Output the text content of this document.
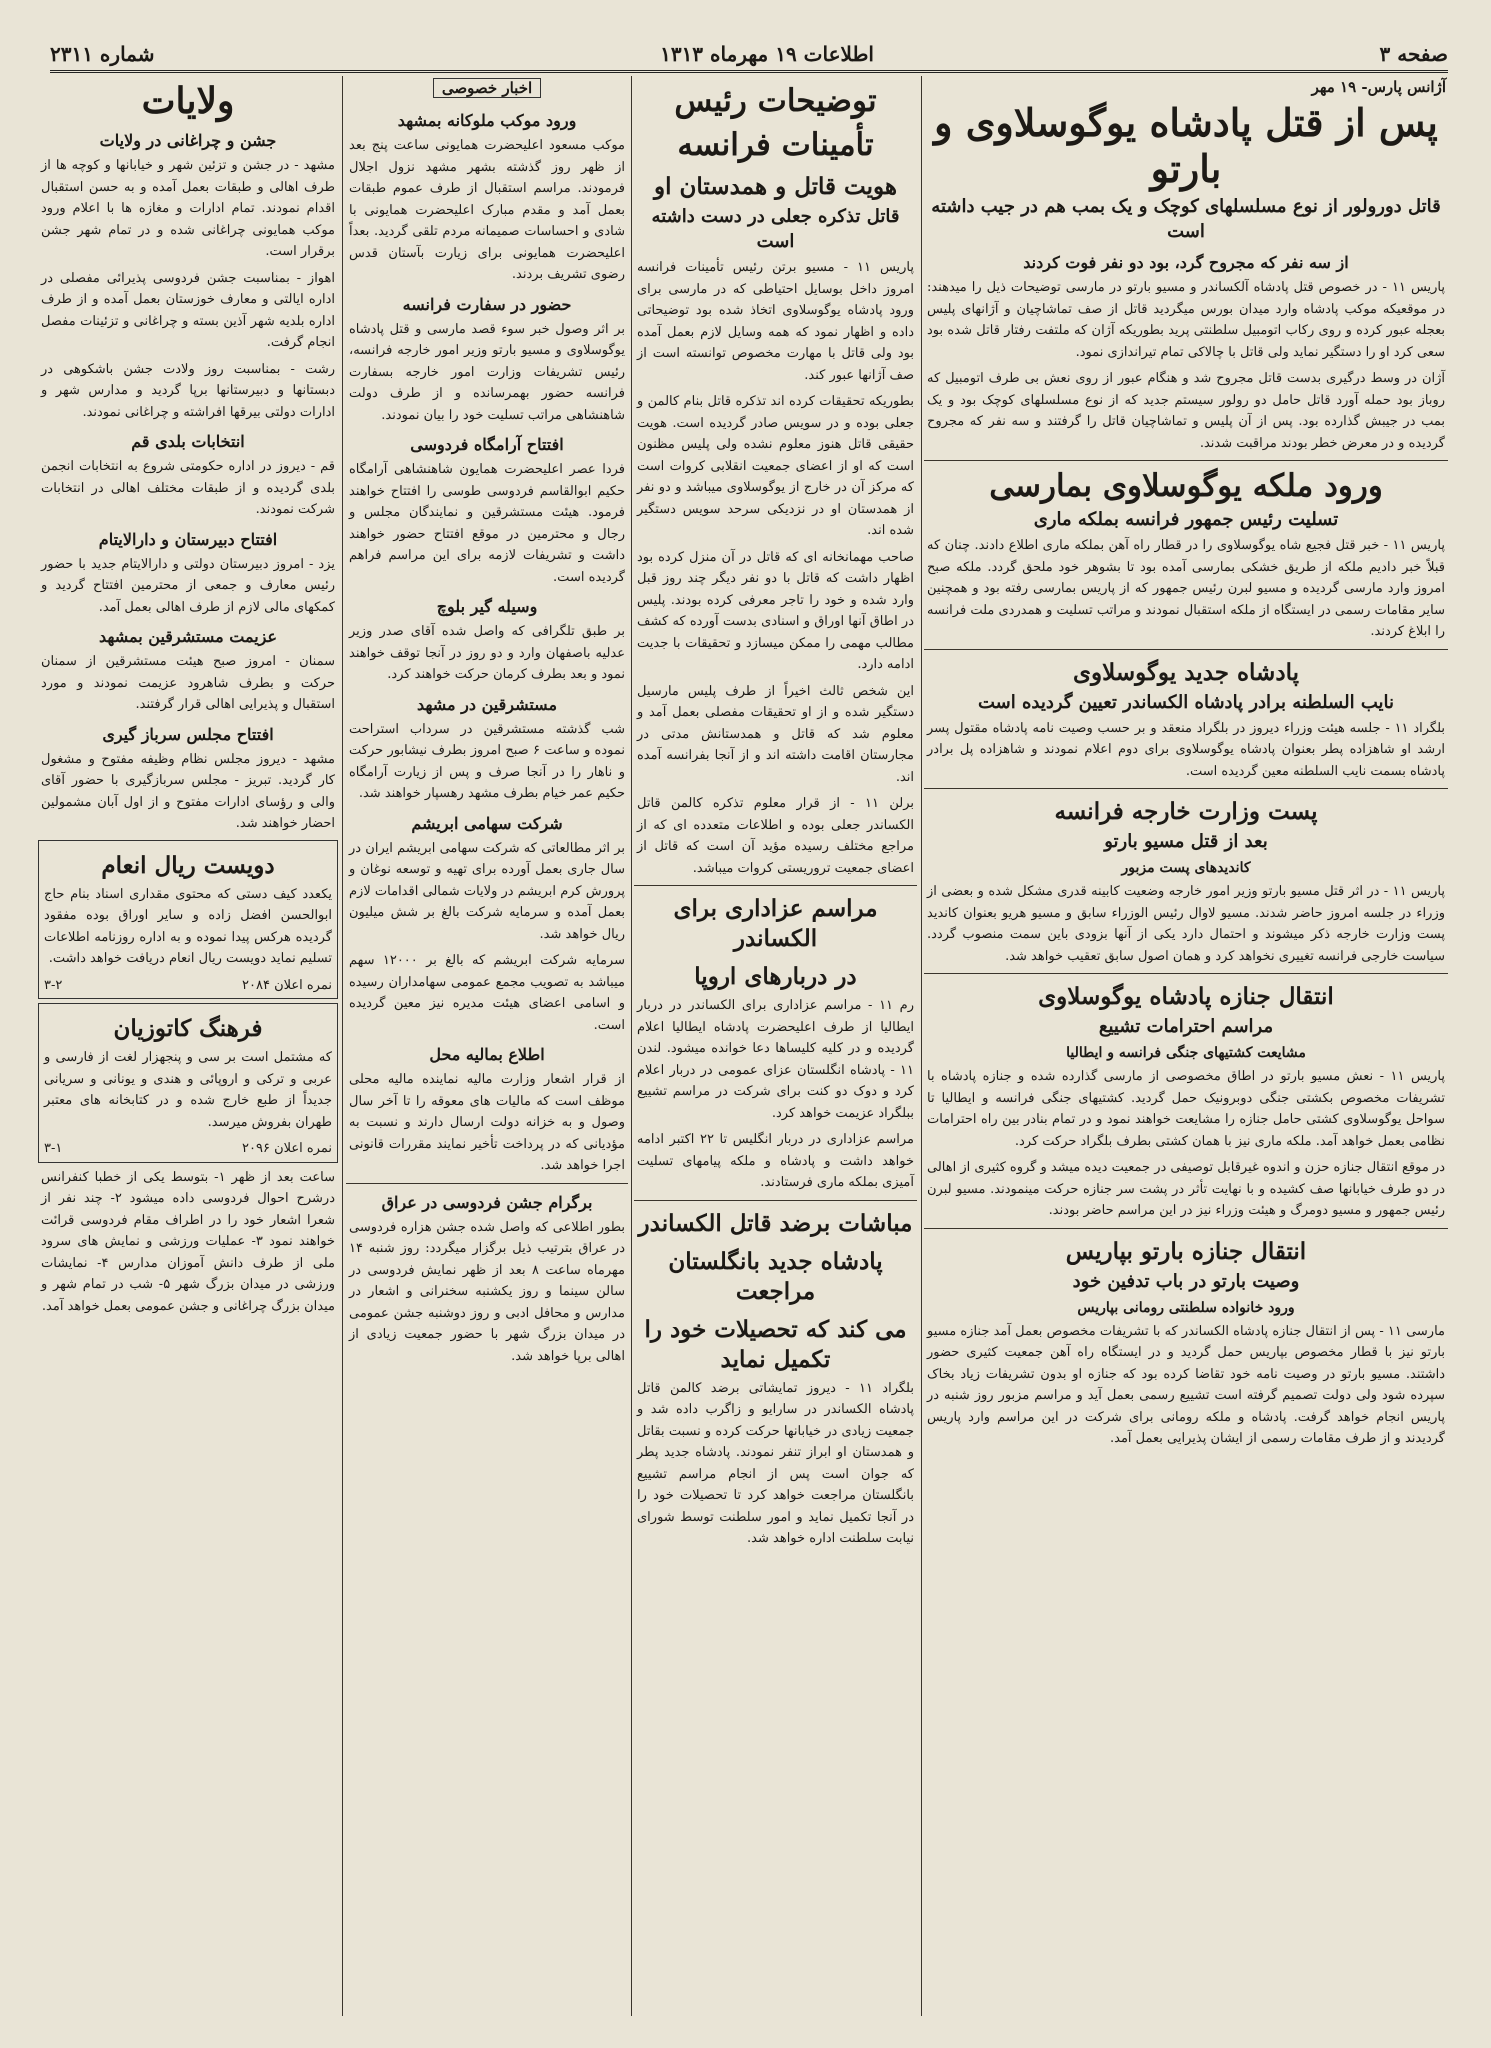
صفحه ۳
اطلاعات ۱۹ مهرماه ۱۳۱۳
شماره ۲۳۱۱
آژانس پارس- ۱۹ مهر
پس از قتل پادشاه یوگوسلاوی و بارتو
قاتل دورولور از نوع مسلسلهای کوچک و یک بمب هم در جیب داشته است
از سه نفر که مجروح گرد، بود دو نفر فوت کردند

پاریس ۱۱ - در خصوص قتل پادشاه آلکساندر و مسیو بارتو در مارسی توضیحات ذیل را میدهند: در موقعیکه موکب پادشاه وارد میدان بورس میگردید قاتل از صف تماشاچیان و آژانهای پلیس بعجله عبور کرده و روی رکاب اتومبیل سلطنتی پرید بطوریکه آژان که ملتفت رفتار قاتل شده بود سعی کرد او را دستگیر نماید ولی قاتل با چالاکی تمام تیراندازی نمود.

آژان در وسط درگیری بدست قاتل مجروح شد و هنگام عبور از روی نعش بی طرف اتومبیل که روباز بود حمله آورد قاتل حامل دو رولور سیستم جدید که از نوع مسلسلهای کوچک بود و یک بمب در جیبش گذارده بود. پس از آن پلیس و تماشاچیان قاتل را گرفتند و سه نفر که مجروح گردیده و در معرض خطر بودند مراقبت شدند.

ورود ملکه یوگوسلاوی بمارسی
تسلیت رئیس جمهور فرانسه بملکه ماری

پاریس ۱۱ - خبر قتل فجیع شاه یوگوسلاوی را در قطار راه آهن بملکه ماری اطلاع دادند. چنان که قبلاً خبر دادیم ملکه از طریق خشکی بمارسی آمده بود تا بشوهر خود ملحق گردد. ملکه صبح امروز وارد مارسی گردیده و مسیو لبرن رئیس جمهور که از پاریس بمارسی رفته بود و همچنین سایر مقامات رسمی در ایستگاه از ملکه استقبال نمودند و مراتب تسلیت و همدردی ملت فرانسه را ابلاغ کردند.

پادشاه جدید یوگوسلاوی
نایب السلطنه برادر پادشاه الکساندر تعیین گردیده است

بلگراد ۱۱ - جلسه هیئت وزراء دیروز در بلگراد منعقد و بر حسب وصیت نامه پادشاه مقتول پسر ارشد او شاهزاده پطر بعنوان پادشاه یوگوسلاوی برای دوم اعلام نمودند و شاهزاده پل برادر پادشاه بسمت نایب السلطنه معین گردیده است.

پست وزارت خارجه فرانسه
بعد از قتل مسیو بارتو
کاندیدهای پست مزبور

پاریس ۱۱ - در اثر قتل مسیو بارتو وزیر امور خارجه وضعیت کابینه قدری مشکل شده و بعضی از وزراء در جلسه امروز حاضر شدند. مسیو لاوال رئیس الوزراء سابق و مسیو هریو بعنوان کاندید پست وزارت خارجه ذکر میشوند و احتمال دارد یکی از آنها بزودی باین سمت منصوب گردد. سیاست خارجی فرانسه تغییری نخواهد کرد و همان اصول سابق تعقیب خواهد شد.

انتقال جنازه پادشاه یوگوسلاوی
مراسم احترامات تشییع
مشایعت کشتیهای جنگی فرانسه و ایطالیا

پاریس ۱۱ - نعش مسیو بارتو در اطاق مخصوصی از مارسی گذارده شده و جنازه پادشاه با تشریفات مخصوص بکشتی جنگی دوبرونیک حمل گردید. کشتیهای جنگی فرانسه و ایطالیا تا سواحل یوگوسلاوی کشتی حامل جنازه را مشایعت خواهند نمود و در تمام بنادر بین راه احترامات نظامی بعمل خواهد آمد. ملکه ماری نیز با همان کشتی بطرف بلگراد حرکت کرد.

در موقع انتقال جنازه حزن و اندوه غیرقابل توصیفی در جمعیت دیده میشد و گروه کثیری از اهالی در دو طرف خیابانها صف کشیده و با نهایت تأثر در پشت سر جنازه حرکت مینمودند. مسیو لبرن رئیس جمهور و مسیو دومرگ و هیئت وزراء نیز در این مراسم حاضر بودند.

انتقال جنازه بارتو بپاریس
وصیت بارتو در باب تدفین خود
ورود خانواده سلطنتی رومانی بپاریس

مارسی ۱۱ - پس از انتقال جنازه پادشاه الکساندر که با تشریفات مخصوص بعمل آمد جنازه مسیو بارتو نیز با قطار مخصوص بپاریس حمل گردید و در ایستگاه راه آهن جمعیت کثیری حضور داشتند. مسیو بارتو در وصیت نامه خود تقاضا کرده بود که جنازه او بدون تشریفات زیاد بخاک سپرده شود ولی دولت تصمیم گرفته است تشییع رسمی بعمل آید و مراسم مزبور روز شنبه در پاریس انجام خواهد گرفت. پادشاه و ملکه رومانی برای شرکت در این مراسم وارد پاریس گردیدند و از طرف مقامات رسمی از ایشان پذیرایی بعمل آمد.

توضیحات رئیس
تأمینات فرانسه
هویت قاتل و همدستان او
قاتل تذکره جعلی در دست داشته است

پاریس ۱۱ - مسیو برتن رئیس تأمینات فرانسه امروز داخل بوسایل احتیاطی که در مارسی برای ورود پادشاه یوگوسلاوی اتخاذ شده بود توضیحاتی داده و اظهار نمود که همه وسایل لازم بعمل آمده بود ولی قاتل با مهارت مخصوص توانسته است از صف آژانها عبور کند.

بطوریکه تحقیقات کرده اند تذکره قاتل بنام کالمن و جعلی بوده و در سویس صادر گردیده است. هویت حقیقی قاتل هنوز معلوم نشده ولی پلیس مظنون است که او از اعضای جمعیت انقلابی کروات است که مرکز آن در خارج از یوگوسلاوی میباشد و دو نفر از همدستان او در نزدیکی سرحد سویس دستگیر شده اند.

صاحب مهمانخانه ای که قاتل در آن منزل کرده بود اظهار داشت که قاتل با دو نفر دیگر چند روز قبل وارد شده و خود را تاجر معرفی کرده بودند. پلیس در اطاق آنها اوراق و اسنادی بدست آورده که کشف مطالب مهمی را ممکن میسازد و تحقیقات با جدیت ادامه دارد.

این شخص ثالث اخیراً از طرف پلیس مارسیل دستگیر شده و از او تحقیقات مفصلی بعمل آمد و معلوم شد که قاتل و همدستانش مدتی در مجارستان اقامت داشته اند و از آنجا بفرانسه آمده اند.

برلن ۱۱ - از قرار معلوم تذکره کالمن قاتل الکساندر جعلی بوده و اطلاعات متعدده ای که از مراجع مختلف رسیده مؤید آن است که قاتل از اعضای جمعیت تروریستی کروات میباشد.

مراسم عزاداری برای الکساندر
در دربارهای اروپا

رم ۱۱ - مراسم عزاداری برای الکساندر در دربار ایطالیا از طرف اعلیحضرت پادشاه ایطالیا اعلام گردیده و در کلیه کلیساها دعا خوانده میشود. لندن ۱۱ - پادشاه انگلستان عزای عمومی در دربار اعلام کرد و دوک دو کنت برای شرکت در مراسم تشییع ببلگراد عزیمت خواهد کرد.

مراسم عزاداری در دربار انگلیس تا ۲۲ اکتبر ادامه خواهد داشت و پادشاه و ملکه پیامهای تسلیت آمیزی بملکه ماری فرستادند.

مباشات برضد قاتل الکساندر
پادشاه جدید بانگلستان مراجعت
می کند که تحصیلات خود را تکمیل نماید

بلگراد ۱۱ - دیروز تمایشاتی برضد کالمن قاتل پادشاه الکساندر در سارایو و زاگرب داده شد و جمعیت زیادی در خیابانها حرکت کرده و نسبت بقاتل و همدستان او ابراز تنفر نمودند. پادشاه جدید پطر که جوان است پس از انجام مراسم تشییع بانگلستان مراجعت خواهد کرد تا تحصیلات خود را در آنجا تکمیل نماید و امور سلطنت توسط شورای نیابت سلطنت اداره خواهد شد.

اخبار خصوصی
ورود موکب ملوکانه بمشهد

موکب مسعود اعلیحضرت همایونی ساعت پنج بعد از ظهر روز گذشته بشهر مشهد نزول اجلال فرمودند. مراسم استقبال از طرف عموم طبقات بعمل آمد و مقدم مبارک اعلیحضرت همایونی با شادی و احساسات صمیمانه مردم تلقی گردید. بعداً اعلیحضرت همایونی برای زیارت بآستان قدس رضوی تشریف بردند.

حضور در سفارت فرانسه

بر اثر وصول خبر سوء قصد مارسی و قتل پادشاه یوگوسلاوی و مسیو بارتو وزیر امور خارجه فرانسه، رئیس تشریفات وزارت امور خارجه بسفارت فرانسه حضور بهمرسانده و از طرف دولت شاهنشاهی مراتب تسلیت خود را بیان نمودند.

افتتاح آرامگاه فردوسی

فردا عصر اعلیحضرت همایون شاهنشاهی آرامگاه حکیم ابوالقاسم فردوسی طوسی را افتتاح خواهند فرمود. هیئت مستشرقین و نمایندگان مجلس و رجال و محترمین در موقع افتتاح حضور خواهند داشت و تشریفات لازمه برای این مراسم فراهم گردیده است.

وسیله گیر بلوچ

بر طبق تلگرافی که واصل شده آقای صدر وزیر عدلیه باصفهان وارد و دو روز در آنجا توقف خواهند نمود و بعد بطرف کرمان حرکت خواهند کرد.

مستشرقین در مشهد

شب گذشته مستشرقین در سرداب استراحت نموده و ساعت ۶ صبح امروز بطرف نیشابور حرکت و ناهار را در آنجا صرف و پس از زیارت آرامگاه حکیم عمر خیام بطرف مشهد رهسپار خواهند شد.

شرکت سهامی ابریشم

بر اثر مطالعاتی که شرکت سهامی ابریشم ایران در سال جاری بعمل آورده برای تهیه و توسعه نوغان و پرورش کرم ابریشم در ولایات شمالی اقدامات لازم بعمل آمده و سرمایه شرکت بالغ بر شش میلیون ریال خواهد شد.

سرمایه شرکت ابریشم که بالغ بر ۱۲۰۰۰ سهم میباشد به تصویب مجمع عمومی سهامداران رسیده و اسامی اعضای هیئت مدیره نیز معین گردیده است.

اطلاع بمالیه محل

از قرار اشعار وزارت مالیه نماینده مالیه محلی موظف است که مالیات های معوقه را تا آخر سال وصول و به خزانه دولت ارسال دارند و نسبت به مؤدیانی که در پرداخت تأخیر نمایند مقررات قانونی اجرا خواهد شد.

برگرام جشن فردوسی در عراق

بطور اطلاعی که واصل شده جشن هزاره فردوسی در عراق بترتیب ذیل برگزار میگردد: روز شنبه ۱۴ مهرماه ساعت ۸ بعد از ظهر نمایش فردوسی در سالن سینما و روز یکشنبه سخنرانی و اشعار در مدارس و محافل ادبی و روز دوشنبه جشن عمومی در میدان بزرگ شهر با حضور جمعیت زیادی از اهالی برپا خواهد شد.

ولایات
جشن و چراغانی در ولایات

مشهد - در جشن و تزئین شهر و خیابانها و کوچه ها از طرف اهالی و طبقات بعمل آمده و به حسن استقبال اقدام نمودند. تمام ادارات و مغازه ها با اعلام ورود موکب همایونی چراغانی شده و در تمام شهر جشن برقرار است.

اهواز - بمناسبت جشن فردوسی پذیرائی مفصلی در اداره ایالتی و معارف خوزستان بعمل آمده و از طرف اداره بلدیه شهر آذین بسته و چراغانی و تزئینات مفصل انجام گرفت.

رشت - بمناسبت روز ولادت جشن باشکوهی در دبستانها و دبیرستانها برپا گردید و مدارس شهر و ادارات دولتی بیرقها افراشته و چراغانی نمودند.

انتخابات بلدی قم

قم - دیروز در اداره حکومتی شروع به انتخابات انجمن بلدی گردیده و از طبقات مختلف اهالی در انتخابات شرکت نمودند.

افتتاح دبیرستان و دارالایتام

یزد - امروز دبیرستان دولتی و دارالایتام جدید با حضور رئیس معارف و جمعی از محترمین افتتاح گردید و کمکهای مالی لازم از طرف اهالی بعمل آمد.

عزیمت مستشرقین بمشهد

سمنان - امروز صبح هیئت مستشرقین از سمنان حرکت و بطرف شاهرود عزیمت نمودند و مورد استقبال و پذیرایی اهالی قرار گرفتند.

افتتاح مجلس سرباز گیری

مشهد - دیروز مجلس نظام وظیفه مفتوح و مشغول کار گردید. تبریز - مجلس سربازگیری با حضور آقای والی و رؤسای ادارات مفتوح و از اول آبان مشمولین احضار خواهند شد.

دویست ریال انعام

یکعدد کیف دستی که محتوی مقداری اسناد بنام حاج ابوالحسن افضل زاده و سایر اوراق بوده مفقود گردیده هرکس پیدا نموده و به اداره روزنامه اطلاعات تسلیم نماید دویست ریال انعام دریافت خواهد داشت.

نمره اعلان ۲۰۸۴
۳-۲
فرهنگ کاتوزیان

که مشتمل است بر سی و پنجهزار لغت از فارسی و عربی و ترکی و اروپائی و هندی و یونانی و سریانی جدیداً از طبع خارج شده و در کتابخانه های معتبر طهران بفروش میرسد.

نمره اعلان ۲۰۹۶
۳-۱

ساعت بعد از ظهر ۱- بتوسط یکی از خطبا کنفرانس درشرح احوال فردوسی داده میشود ۲- چند نفر از شعرا اشعار خود را در اطراف مقام فردوسی قرائت خواهند نمود ۳- عملیات ورزشی و نمایش های سرود ملی از طرف دانش آموزان مدارس ۴- نمایشات ورزشی در میدان بزرگ شهر ۵- شب در تمام شهر و میدان بزرگ چراغانی و جشن عمومی بعمل خواهد آمد.
